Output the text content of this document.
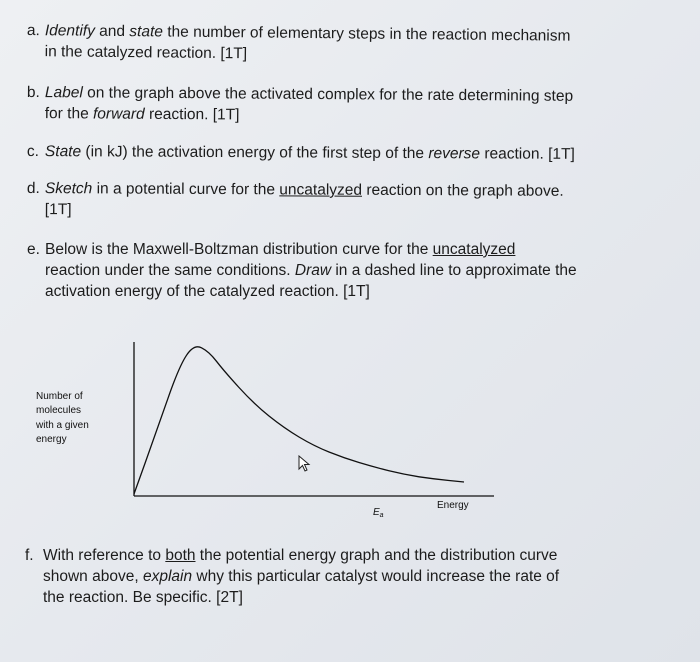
a. Identify and state the number of elementary steps in the reaction mechanism
in the catalyzed reaction. [1T]
b. Label on the graph above the activated complex for the rate determining step
for the forward reaction. [1T]
c. State (in kJ) the activation energy of the first step of the reverse reaction. [1T]
d. Sketch in a potential curve for the uncatalyzed reaction on the graph above.
[1T]
e. Below is the Maxwell-Boltzman distribution curve for the uncatalyzed
reaction under the same conditions. Draw in a dashed line to approximate the
activation energy of the catalyzed reaction. [1T]
Number of
molecules
with a given
energy
$E_a$
Energy
f. With reference to both the potential energy graph and the distribution curve
shown above, explain why this particular catalyst would increase the rate of
the reaction. Be specific. [2T]
